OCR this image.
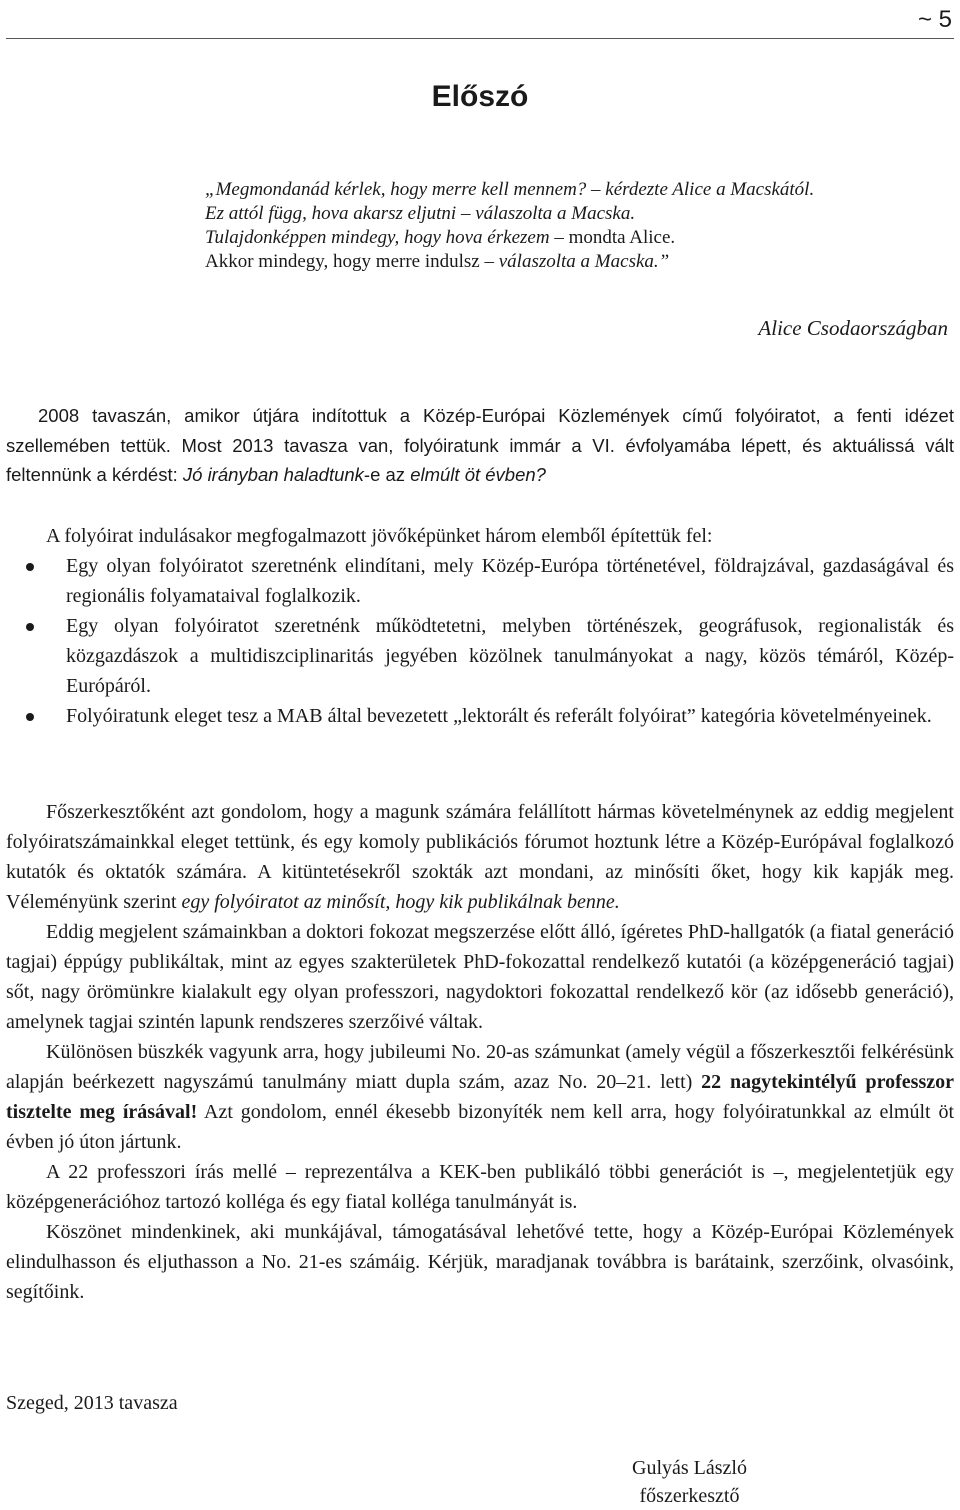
~ 5
Előszó
„Megmondanád kérlek, hogy merre kell mennem? – kérdezte Alice a Macskától.
Ez attól függ, hova akarsz eljutni – válaszolta a Macska.
Tulajdonképpen mindegy, hogy hova érkezem – mondta Alice.
Akkor mindegy, hogy merre indulsz – válaszolta a Macska.”
Alice Csodaországban

2008 tavaszán, amikor útjára indítottuk a Közép-Európai Közlemények című folyóiratot, a fenti idézet szellemében tettük. Most 2013 tavasza van, folyóiratunk immár a VI. évfolyamába lépett, és aktuálissá vált feltennünk a kérdést: Jó irányban haladtunk-e az elmúlt öt évben?

A folyóirat indulásakor megfogalmazott jövőképünket három elemből építettük fel:

Egy olyan folyóiratot szeretnénk elindítani, mely Közép-Európa történetével, földrajzával, gazdaságával és regionális folyamataival foglalkozik.
Egy olyan folyóiratot szeretnénk működtetetni, melyben történészek, geográfusok, regionalisták és közgazdászok a multidiszciplinaritás jegyében közölnek tanulmányokat a nagy, közös témáról, Közép-Európáról.
Folyóiratunk eleget tesz a MAB által bevezetett „lektorált és referált folyóirat” kategória követelményeinek.

Főszerkesztőként azt gondolom, hogy a magunk számára felállított hármas követelménynek az eddig megjelent folyóiratszámainkkal eleget tettünk, és egy komoly publikációs fórumot hoztunk létre a Közép-Európával foglalkozó kutatók és oktatók számára. A kitüntetésekről szokták azt mondani, az minősíti őket, hogy kik kapják meg. Véleményünk szerint egy folyóiratot az minősít, hogy kik publikálnak benne.

Eddig megjelent számainkban a doktori fokozat megszerzése előtt álló, ígéretes PhD-hallgatók (a fiatal generáció tagjai) éppúgy publikáltak, mint az egyes szakterületek PhD-fokozattal rendelkező kutatói (a középgeneráció tagjai) sőt, nagy örömünkre kialakult egy olyan professzori, nagydoktori fokozattal rendelkező kör (az idősebb generáció), amelynek tagjai szintén lapunk rendszeres szerzőivé váltak.

Különösen büszkék vagyunk arra, hogy jubileumi No. 20-as számunkat (amely végül a főszerkesztői felkérésünk alapján beérkezett nagyszámú tanulmány miatt dupla szám, azaz No. 20–21. lett) 22 nagytekintélyű professzor tisztelte meg írásával! Azt gondolom, ennél ékesebb bizonyíték nem kell arra, hogy folyóiratunkkal az elmúlt öt évben jó úton jártunk.

A 22 professzori írás mellé – reprezentálva a KEK-ben publikáló többi generációt is –, megjelentetjük egy középgenerációhoz tartozó kolléga és egy fiatal kolléga tanulmányát is.

Köszönet mindenkinek, aki munkájával, támogatásával lehetővé tette, hogy a Közép-Európai Közlemények elindulhasson és eljuthasson a No. 21-es számáig. Kérjük, maradjanak továbbra is barátaink, szerzőink, olvasóink, segítőink.

Szeged, 2013 tavasza
Gulyás László
főszerkesztő
